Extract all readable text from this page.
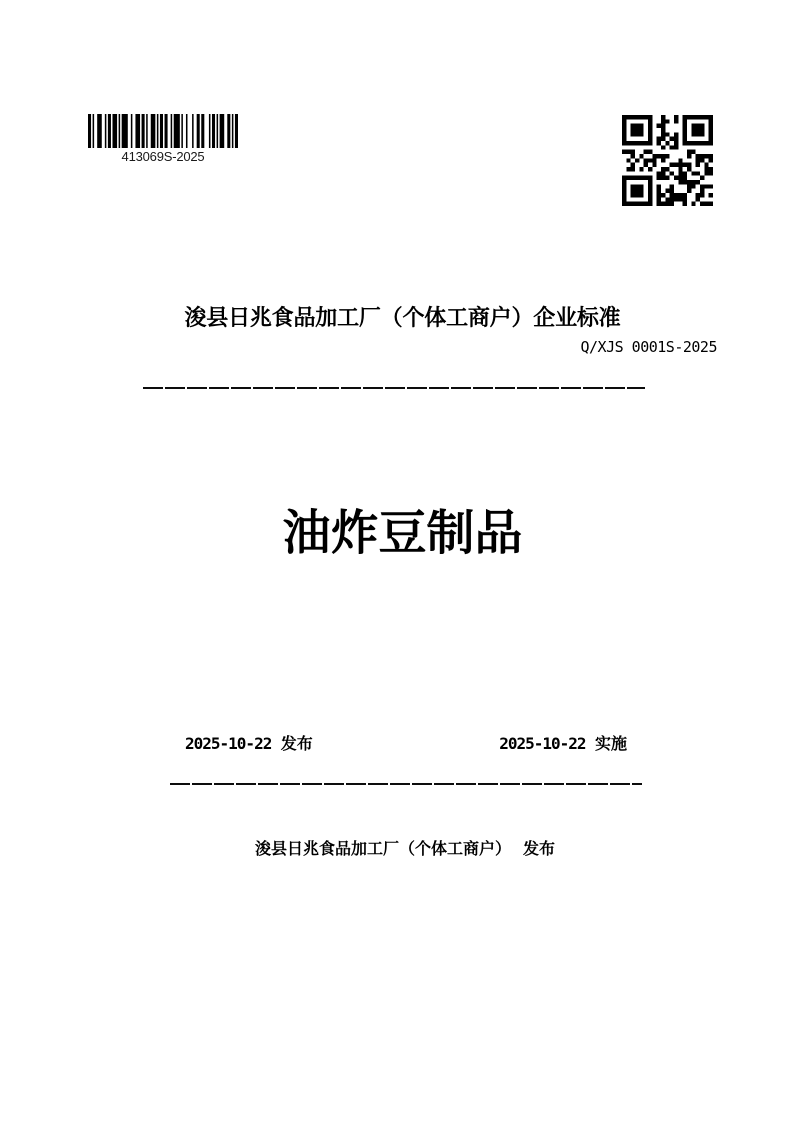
413069S-2025
浚县日兆食品加工厂（个体工商户）企业标准
Q/XJS 0001S-2025
油炸豆制品
2025-10-22 发布	2025-10-22 实施
浚县日兆食品加工厂（个体工商户） 发布
